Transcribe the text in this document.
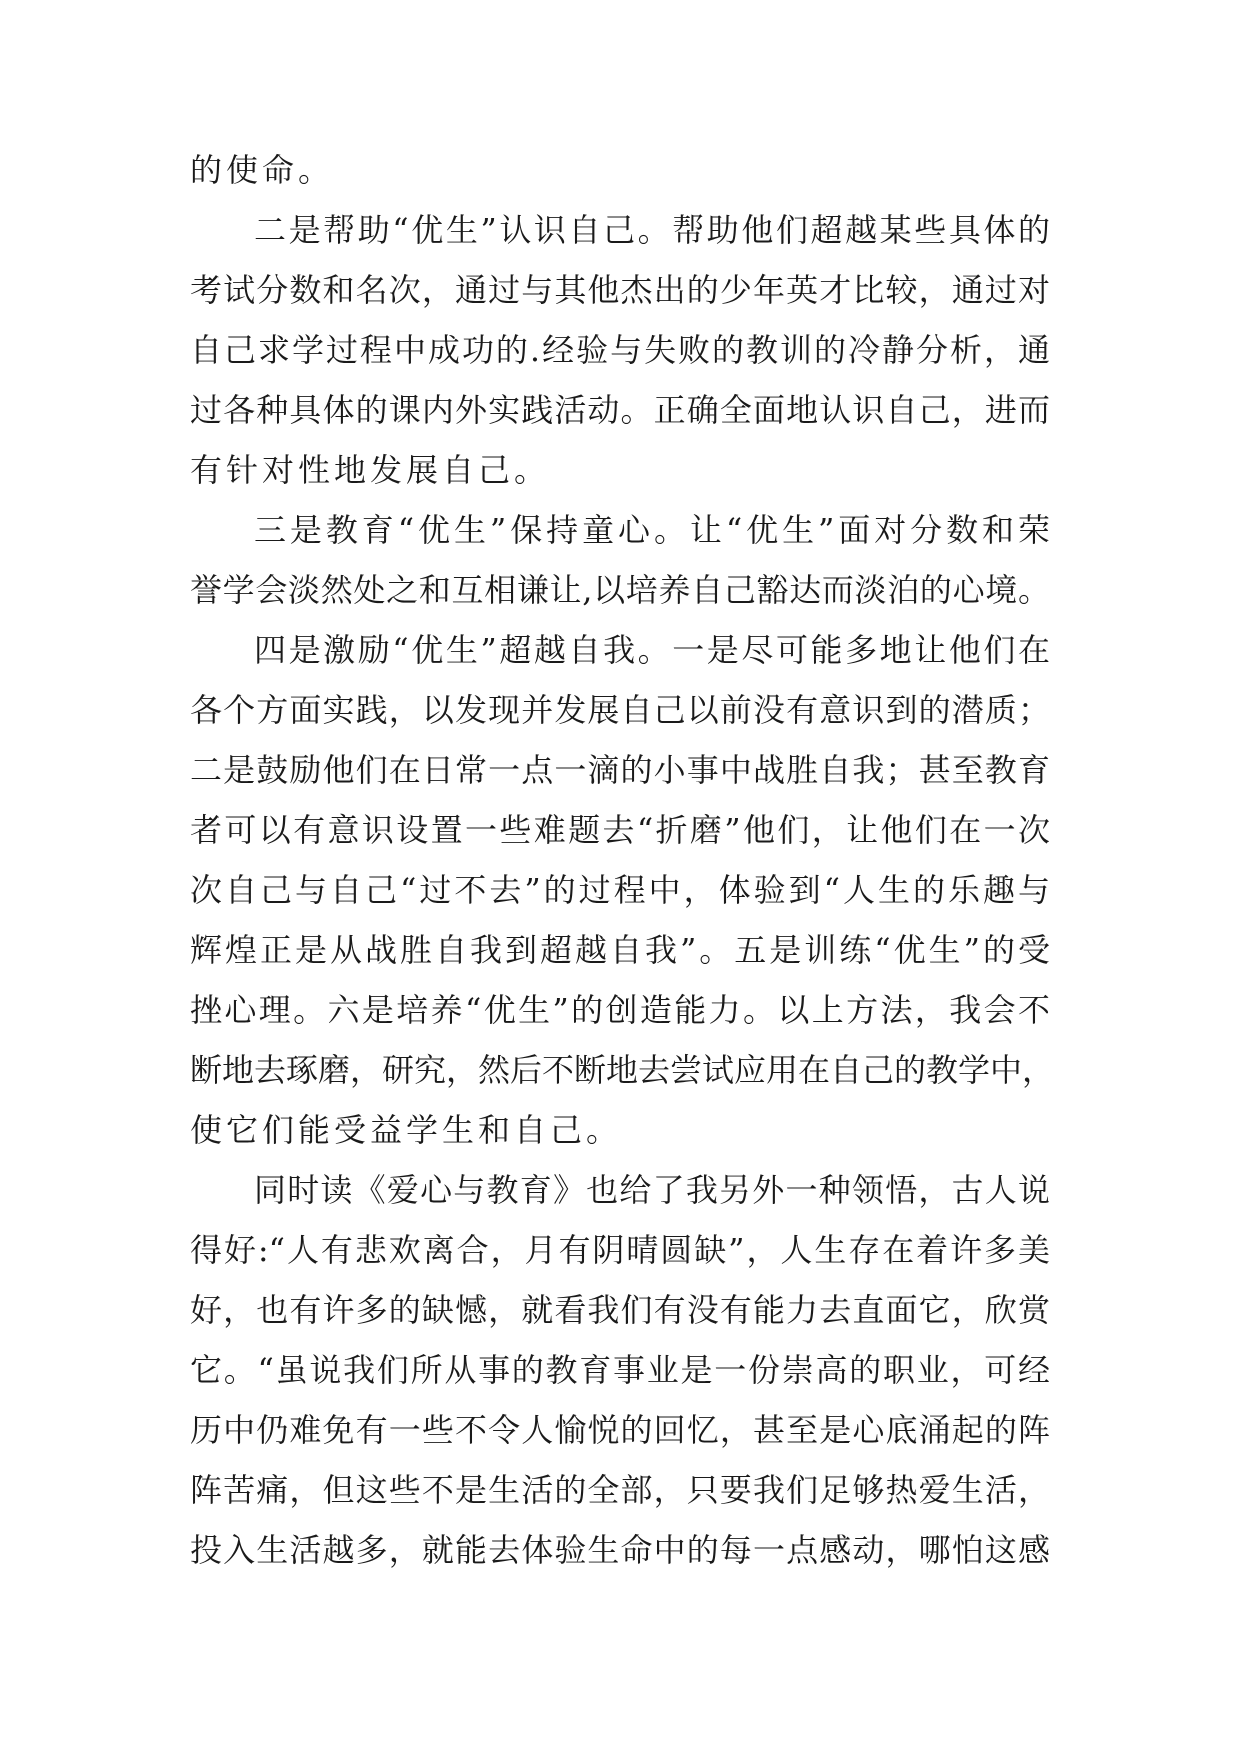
的使命。
二是帮助“优生”认识自己。帮助他们超越某些具体的
考试分数和名次，通过与其他杰出的少年英才比较，通过对
自己求学过程中成功的.经验与失败的教训的冷静分析，通
过各种具体的课内外实践活动。正确全面地认识自己，进而
有针对性地发展自己。
三是教育“优生”保持童心。让“优生”面对分数和荣
誉学会淡然处之和互相谦让,以培养自己豁达而淡泊的心境。
四是激励“优生”超越自我。一是尽可能多地让他们在
各个方面实践，以发现并发展自己以前没有意识到的潜质；
二是鼓励他们在日常一点一滴的小事中战胜自我；甚至教育
者可以有意识设置一些难题去“折磨”他们，让他们在一次
次自己与自己“过不去”的过程中，体验到“人生的乐趣与
辉煌正是从战胜自我到超越自我”。五是训练“优生”的受
挫心理。六是培养“优生”的创造能力。以上方法，我会不
断地去琢磨，研究，然后不断地去尝试应用在自己的教学中，
使它们能受益学生和自己。
同时读《爱心与教育》也给了我另外一种领悟，古人说
得好:“人有悲欢离合，月有阴晴圆缺”，人生存在着许多美
好，也有许多的缺憾，就看我们有没有能力去直面它，欣赏
它。“虽说我们所从事的教育事业是一份崇高的职业，可经
历中仍难免有一些不令人愉悦的回忆，甚至是心底涌起的阵
阵苦痛，但这些不是生活的全部，只要我们足够热爱生活，
投入生活越多，就能去体验生命中的每一点感动，哪怕这感
